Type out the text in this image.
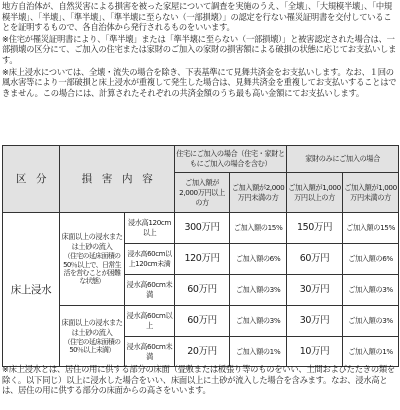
地方自治体が、自然災害による損害を被った家屋について調査を実施のうえ、「全壊」、「大規模半壊」、「中規模半壊」、「半壊」、「準半壊」、「準半壊に至らない（一部損壊）」の認定を行ない罹災証明書を交付していることを証明するもので、各自治体から発行されるものをいいます。

※住宅が罹災証明書により、「準半壊」または「準半壊に至らない（一部損壊）」と被害認定された場合は、一部損壊の区分にて、ご加入の住宅または家財のご加入の家財の損害額による破損の状態に応じてお支払いします。

※床上浸水については、全壊・流失の場合を除き、下表基準にて見舞共済金をお支払いします。なお、１回の風水害等により一部破損と床上浸水が重複して発生した場合は、見舞共済金を重複してお支払いすることはできません。この場合には、計算されたそれぞれの共済金額のうち最も高い金額にてお支払いします。

区　分	損　害　内　容		住宅にご加入の場合（住宅・家財ともにご加入の場合を含む）		家財のみにご加入の場合	
			ご加入額が2,000万円以上の方	ご加入額が2,000万円未満の方	ご加入額が1,000万円以上の方	ご加入額が1,000万円未満の方
床上浸水	床面以上の浸水または土砂の流入
（住宅の延床面積の50％以上で、日常生活を営むことが困難な状態）	浸水高120cm以上	300万円	ご加入額の15%	150万円	ご加入額の15%
		浸水高60cm以上120cm未満	120万円	ご加入額の6%	60万円	ご加入額の6%
		浸水高60cm未満	60万円	ご加入額の3%	30万円	ご加入額の3%

	床面以上の浸水または土砂の流入
（住宅の延床面積の50％以上未満）	浸水高60cm以上	60万円	ご加入額の3%	30万円	ご加入額の3%
		浸水高60cm未満	20万円	ご加入額の1%	10万円	ご加入額の1%

※床上浸水とは、居住の用に供する部分の床面（畳敷または板張り等のものをいい、土間およびたたきの類を除く。以下同じ）以上に浸水した場合をいい、床面以上に土砂が流入した場合を含みます。なお、浸水高とは、居住の用に供する部分の床面からの高さをいいます。
